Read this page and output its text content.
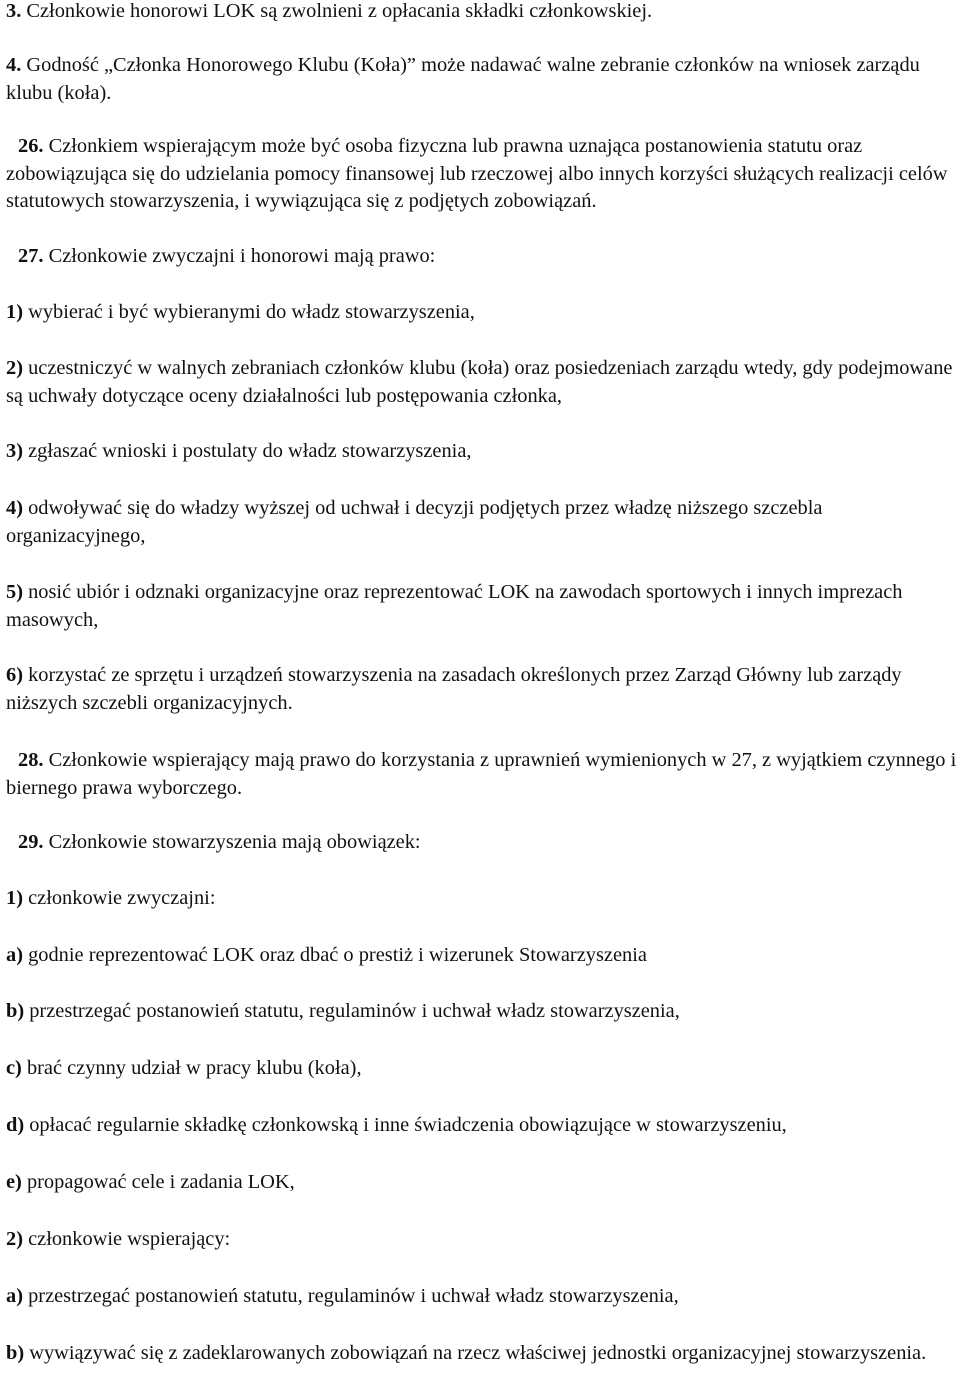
3. Członkowie honorowi LOK są zwolnieni z opłacania składki członkowskiej.

4. Godność „Członka Honorowego Klubu (Koła)” może nadawać walne zebranie członków na wniosek zarządu klubu (koła).

26. Członkiem wspierającym może być osoba fizyczna lub prawna uznająca postanowienia statutu oraz zobowiązująca się do udzielania pomocy finansowej lub rzeczowej albo innych korzyści służących realizacji celów statutowych stowarzyszenia, i wywiązująca się z podjętych zobowiązań.

27. Członkowie zwyczajni i honorowi mają prawo:

1) wybierać i być wybieranymi do władz stowarzyszenia,

2) uczestniczyć w walnych zebraniach członków klubu (koła) oraz posiedzeniach zarządu wtedy, gdy podejmowane są uchwały dotyczące oceny działalności lub postępowania członka,

3) zgłaszać wnioski i postulaty do władz stowarzyszenia,

4) odwoływać się do władzy wyższej od uchwał i decyzji podjętych przez władzę niższego szczebla organizacyjnego,

5) nosić ubiór i odznaki organizacyjne oraz reprezentować LOK na zawodach sportowych i innych imprezach masowych,

6) korzystać ze sprzętu i urządzeń stowarzyszenia na zasadach określonych przez Zarząd Główny lub zarządy niższych szczebli organizacyjnych.

28. Członkowie wspierający mają prawo do korzystania z uprawnień wymienionych w 27, z wyjątkiem czynnego i biernego prawa wyborczego.

29. Członkowie stowarzyszenia mają obowiązek:

1) członkowie zwyczajni:

a) godnie reprezentować LOK oraz dbać o prestiż i wizerunek Stowarzyszenia

b) przestrzegać postanowień statutu, regulaminów i uchwał władz stowarzyszenia,

c) brać czynny udział w pracy klubu (koła),

d) opłacać regularnie składkę członkowską i inne świadczenia obowiązujące w stowarzyszeniu,

e) propagować cele i zadania LOK,

2) członkowie wspierający:

a) przestrzegać postanowień statutu, regulaminów i uchwał władz stowarzyszenia,

b) wywiązywać się z zadeklarowanych zobowiązań na rzecz właściwej jednostki organizacyjnej stowarzyszenia.
